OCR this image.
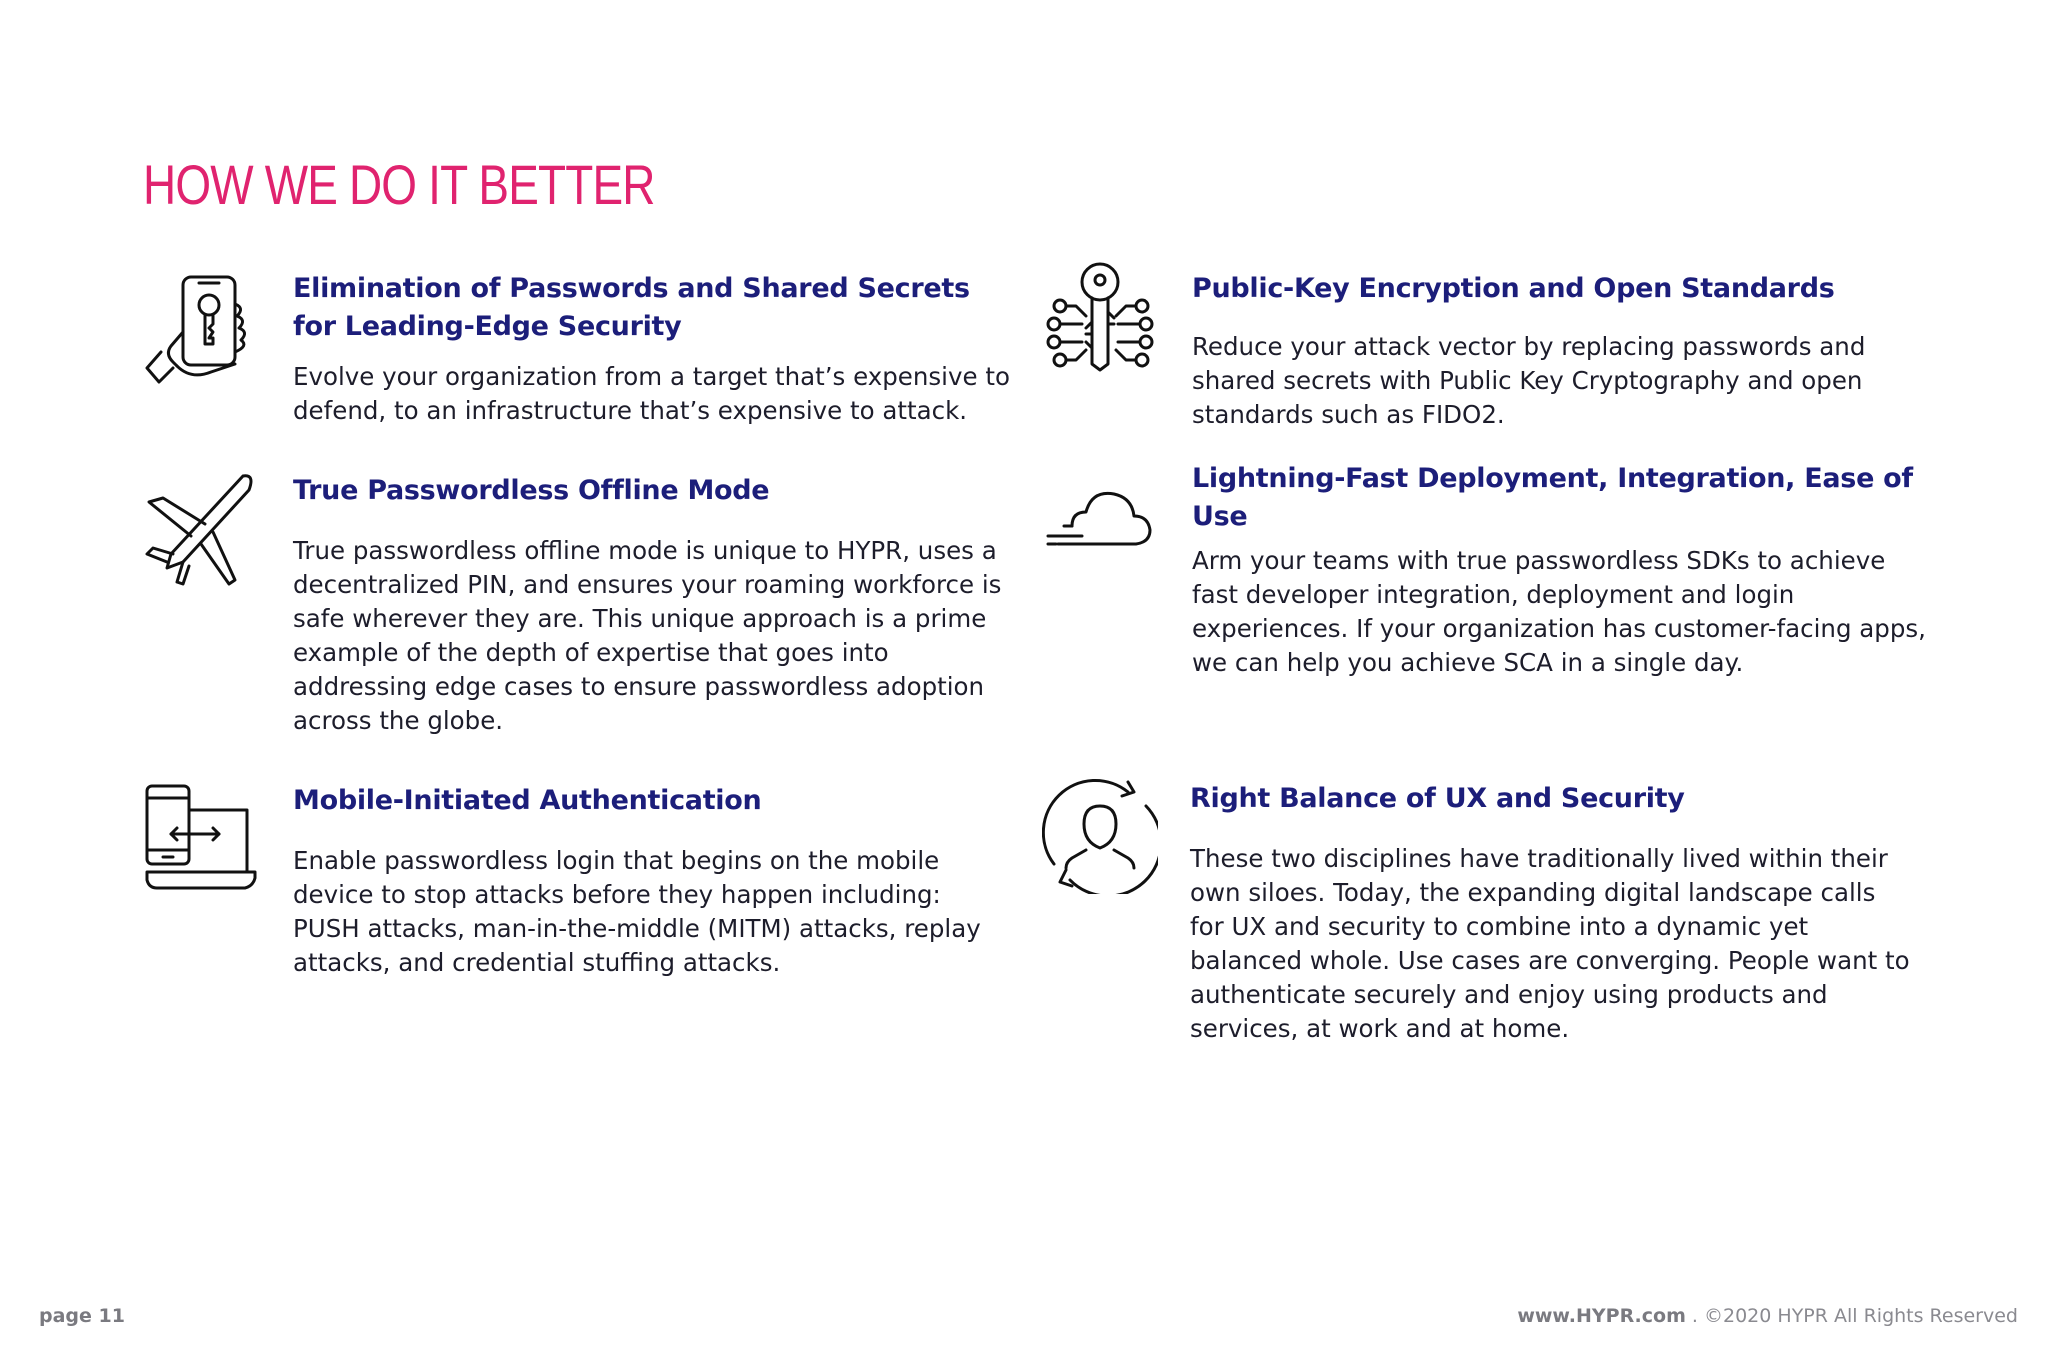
HOW WE DO IT BETTER
Elimination of Passwords and Shared Secrets for Leading-Edge Security

Evolve your organization from a target that’s expensive to defend, to an infrastructure that’s expensive to attack.

Public-Key Encryption and Open Standards

Reduce your attack vector by replacing passwords and shared secrets with Public Key Cryptography and open standards such as FIDO2.

True Passwordless Offline Mode

True passwordless offline mode is unique to HYPR, uses a decentralized PIN, and ensures your roaming workforce is safe wherever they are. This unique approach is a prime example of the depth of expertise that goes into addressing edge cases to ensure passwordless adoption across the globe.

Lightning-Fast Deployment, Integration, Ease of Use

Arm your teams with true passwordless SDKs to achieve fast developer integration, deployment and login experiences. If your organization has customer-facing apps, we can help you achieve SCA in a single day.

Mobile-Initiated Authentication

Enable passwordless login that begins on the mobile device to stop attacks before they happen including: PUSH attacks, man-in-the-middle (MITM) attacks, replay attacks, and credential stuffing attacks.

Right Balance of UX and Security

These two disciplines have traditionally lived within their own siloes. Today, the expanding digital landscape calls for UX and security to combine into a dynamic yet balanced whole. Use cases are converging. People want to authenticate securely and enjoy using products and services, at work and at home.

page 11	www.HYPR.com . ©2020 HYPR All Rights Reserved
